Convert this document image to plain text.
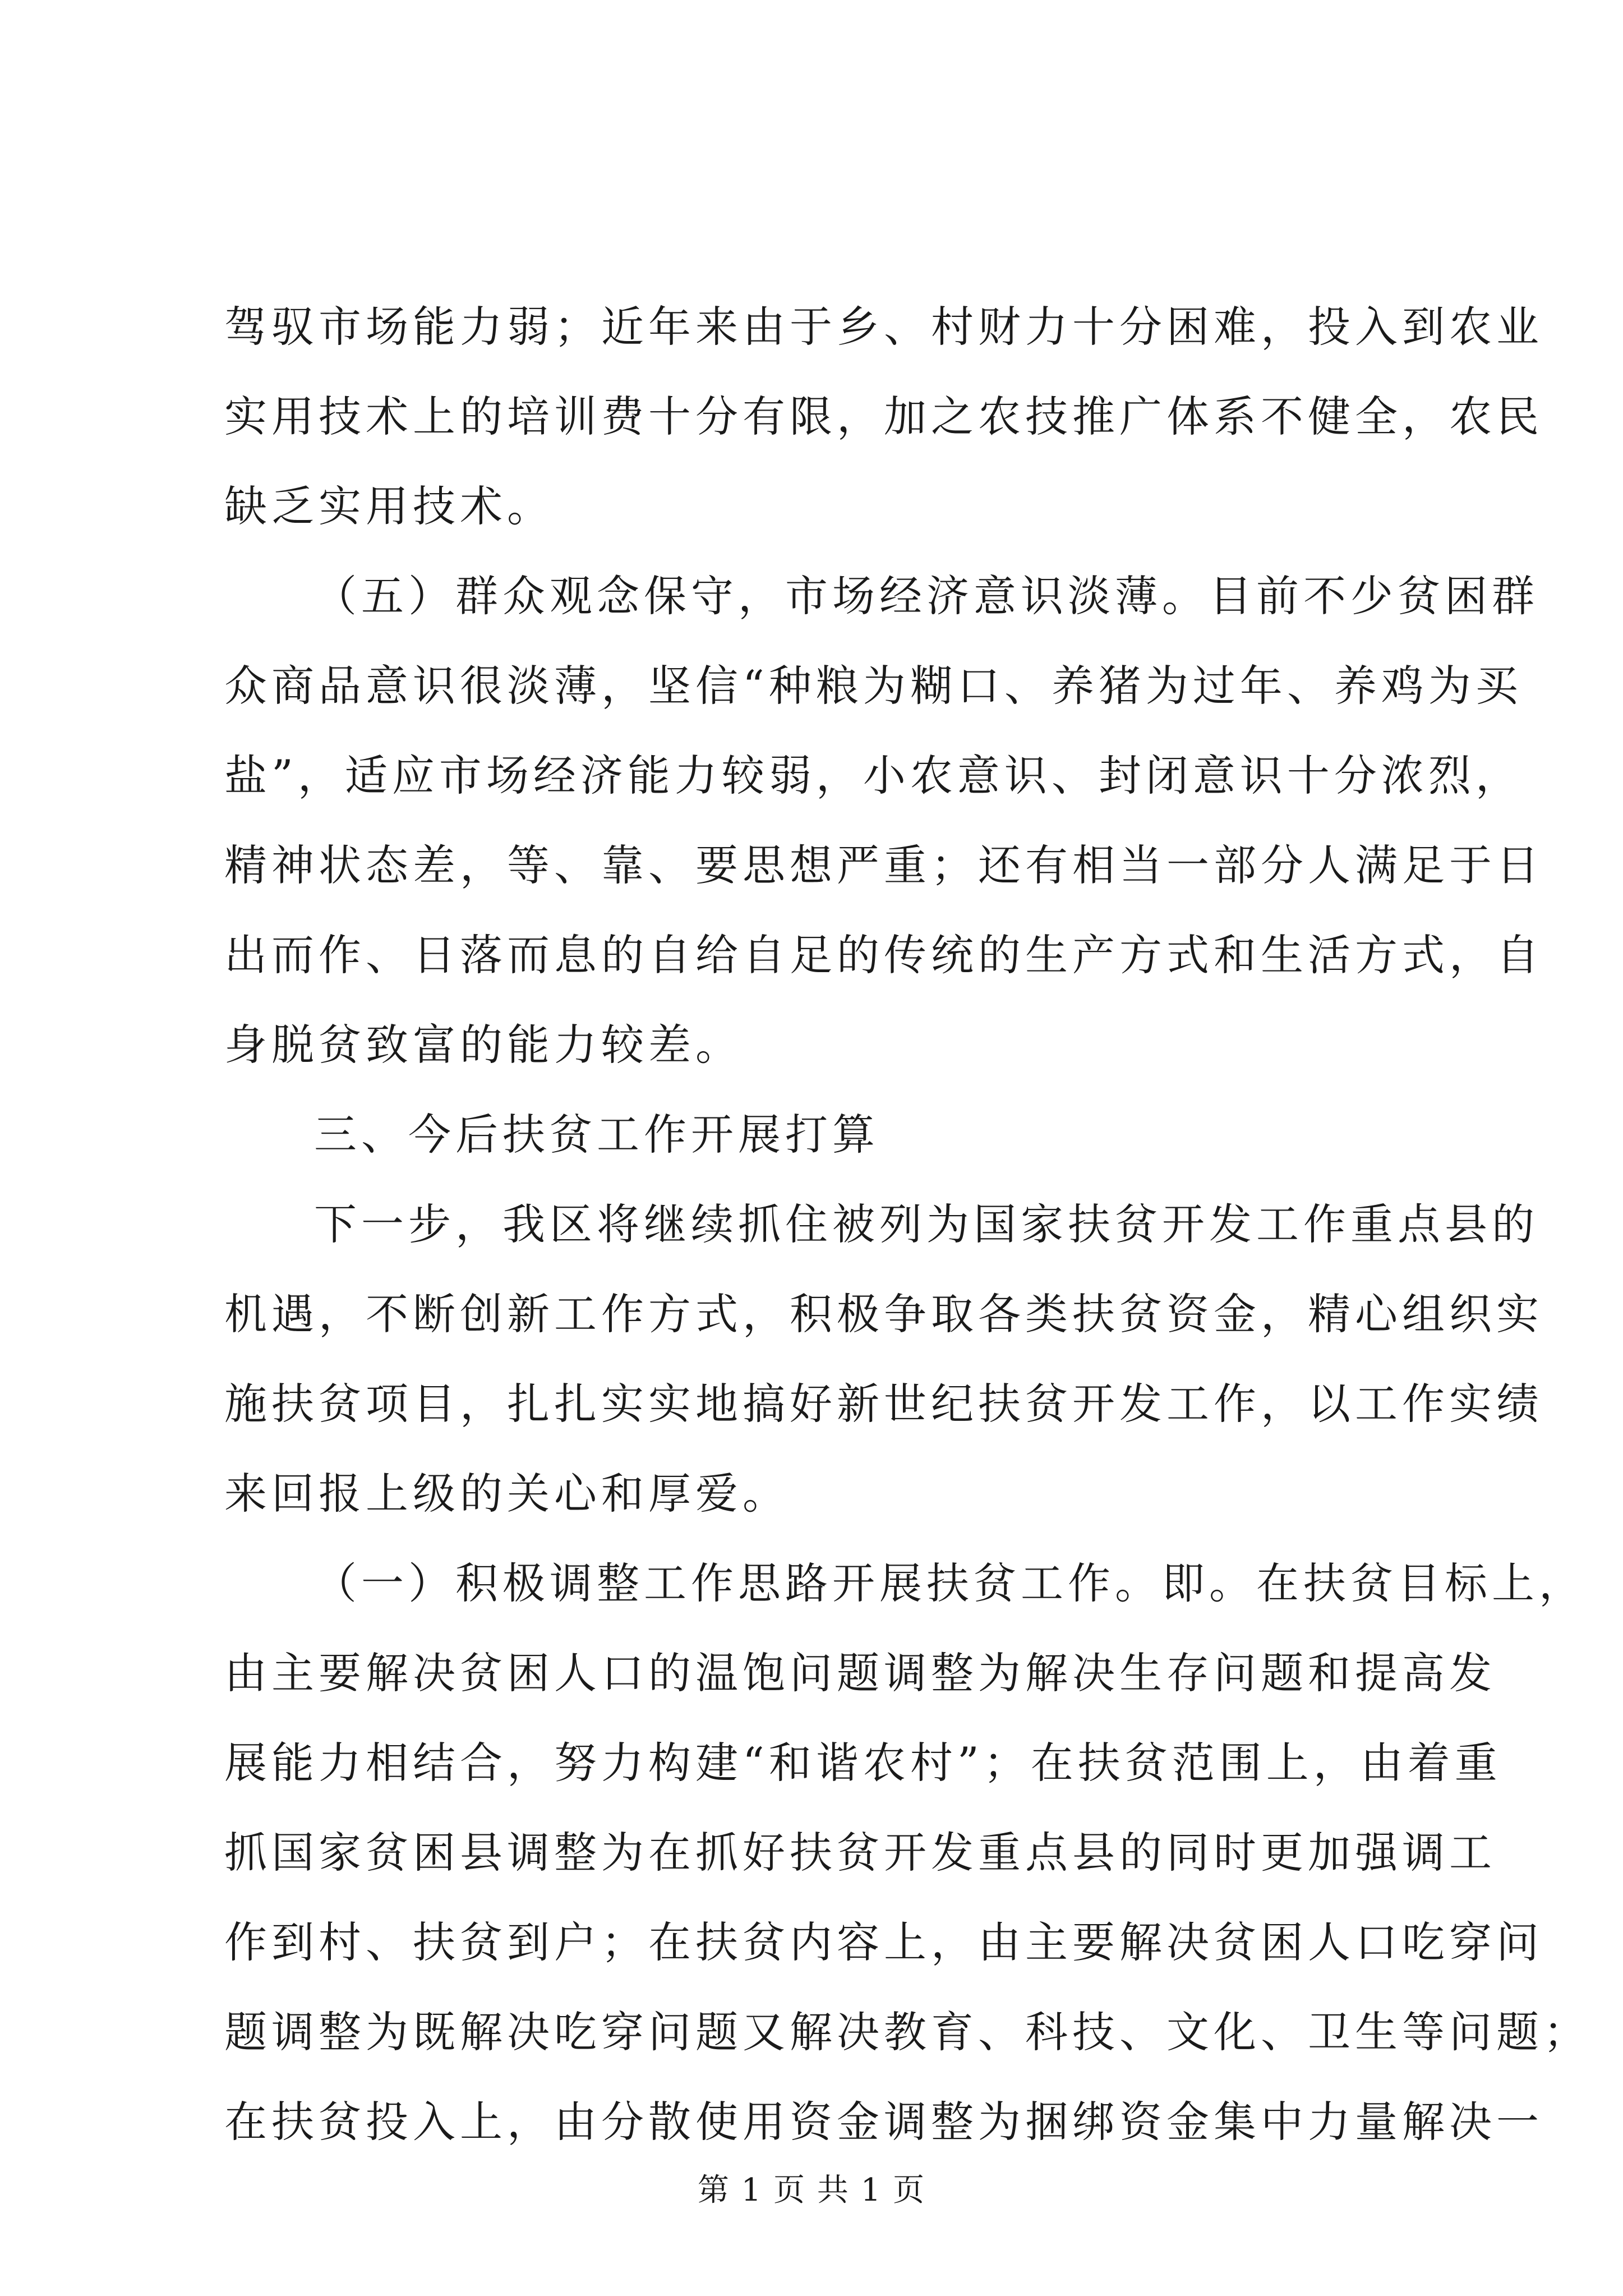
驾驭市场能力弱；近年来由于乡、村财力十分困难，投入到农业
实用技术上的培训费十分有限，加之农技推广体系不健全，农民
缺乏实用技术。
（五）群众观念保守，市场经济意识淡薄。目前不少贫困群
众商品意识很淡薄，坚信“种粮为糊口、养猪为过年、养鸡为买
盐”，适应市场经济能力较弱，小农意识、封闭意识十分浓烈，
精神状态差，等、靠、要思想严重；还有相当一部分人满足于日
出而作、日落而息的自给自足的传统的生产方式和生活方式，自
身脱贫致富的能力较差。
三、今后扶贫工作开展打算
下一步，我区将继续抓住被列为国家扶贫开发工作重点县的
机遇，不断创新工作方式，积极争取各类扶贫资金，精心组织实
施扶贫项目，扎扎实实地搞好新世纪扶贫开发工作，以工作实绩
来回报上级的关心和厚爱。
（一）积极调整工作思路开展扶贫工作。即。在扶贫目标上，
由主要解决贫困人口的温饱问题调整为解决生存问题和提高发
展能力相结合，努力构建“和谐农村”；在扶贫范围上，由着重
抓国家贫困县调整为在抓好扶贫开发重点县的同时更加强调工
作到村、扶贫到户；在扶贫内容上，由主要解决贫困人口吃穿问
题调整为既解决吃穿问题又解决教育、科技、文化、卫生等问题；
在扶贫投入上，由分散使用资金调整为捆绑资金集中力量解决一
第 1 页 共 1 页
